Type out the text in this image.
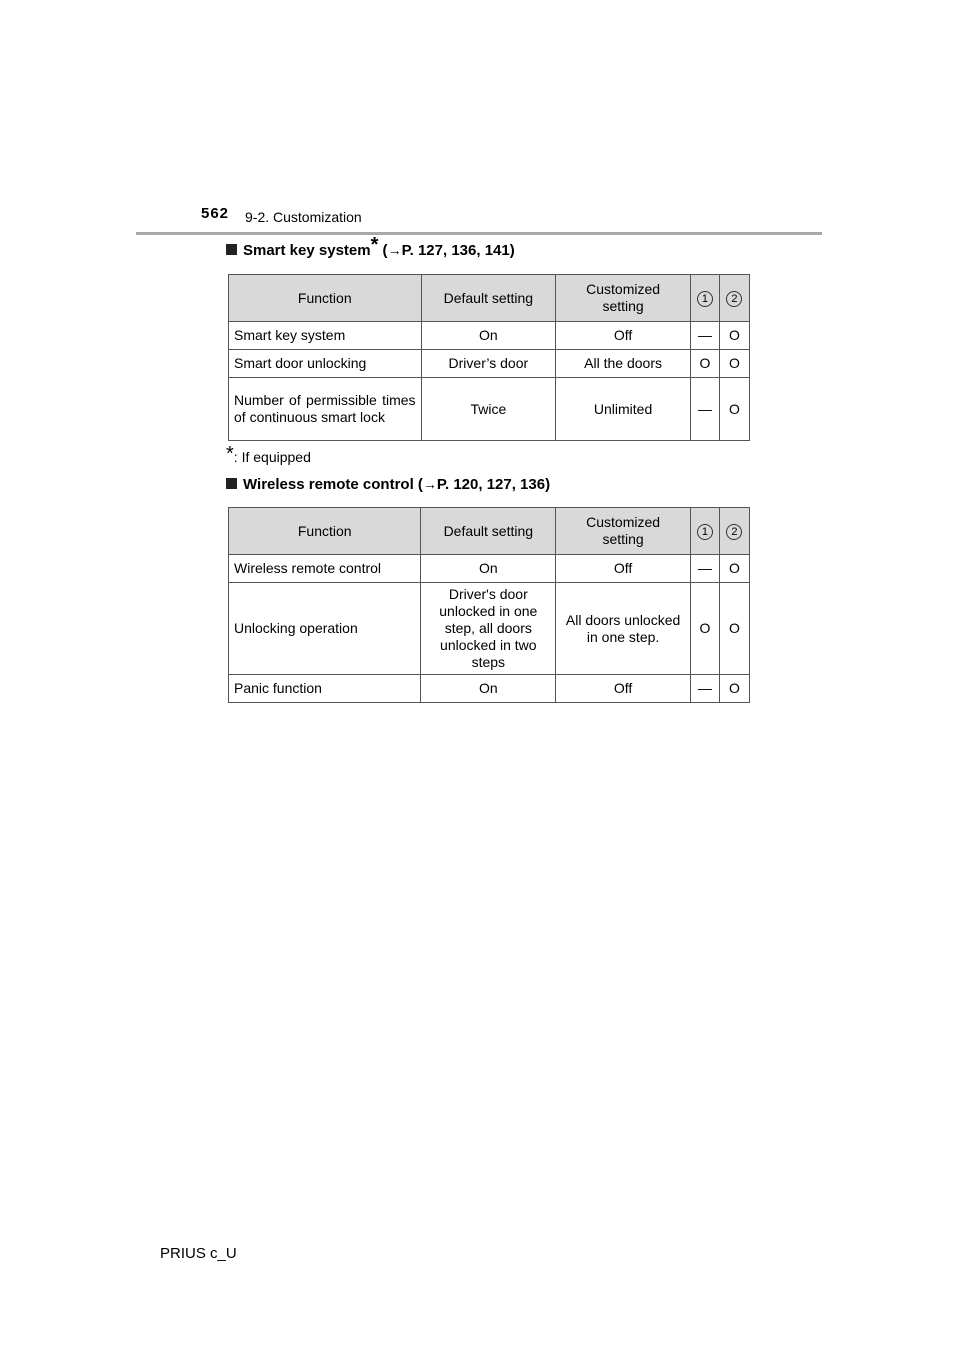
562 9-2. Customization
Smart key system* (→P. 127, 136, 141)
Function	Default setting	Customized setting	1	2
Smart key system	On	Off	—	O
Smart door unlocking	Driver’s door	All the doors	O	O
Number of permissible times of continuous smart lock	Twice	Unlimited	—	O
*: If equipped
Wireless remote control (→P. 120, 127, 136)
Function	Default setting	Customized setting	1	2
Wireless remote control	On	Off	—	O
Unlocking operation	Driver's door unlocked in one step, all doors unlocked in two steps	All doors unlocked in one step.	O	O
Panic function	On	Off	—	O
PRIUS c_U
